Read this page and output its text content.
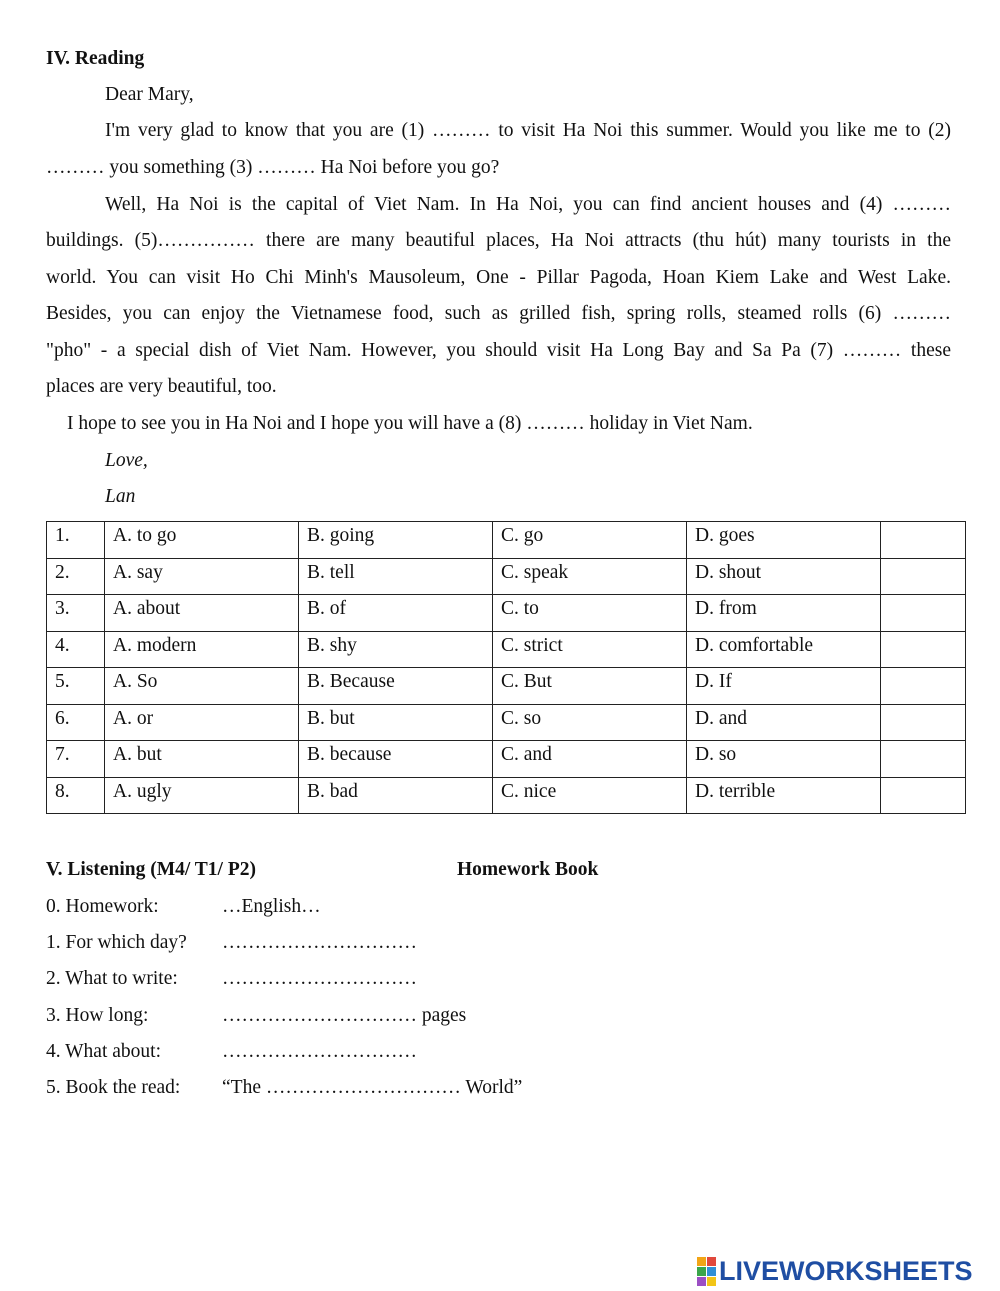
IV. Reading
Dear Mary,
I'm very glad to know that you are (1) ……… to visit Ha Noi this summer. Would you like me to (2)
……… you something (3) ……… Ha Noi before you go?
Well, Ha Noi is the capital of Viet Nam. In Ha Noi, you can find ancient houses and (4) ………
buildings. (5)…………… there are many beautiful places, Ha Noi attracts (thu hút) many tourists in the
world. You can visit Ho Chi Minh's Mausoleum, One - Pillar Pagoda, Hoan Kiem Lake and West Lake.
Besides, you can enjoy the Vietnamese food, such as grilled fish, spring rolls, steamed rolls (6) ………
"pho" - a special dish of Viet Nam. However, you should visit Ha Long Bay and Sa Pa (7) ……… these
places are very beautiful, too.
I hope to see you in Ha Noi and I hope you will have a (8) ……… holiday in Viet Nam.
Love,
Lan
1.	A. to go	B. going	C. go	D. goes	
2.	A. say	B. tell	C. speak	D. shout	
3.	A. about	B. of	C. to	D. from	
4.	A. modern	B. shy	C. strict	D. comfortable	
5.	A. So	B. Because	C. But	D. If	
6.	A. or	B. but	C. so	D. and	
7.	A. but	B. because	C. and	D. so	
8.	A. ugly	B. bad	C. nice	D. terrible	
V. Listening (M4/ T1/ P2)	Homework Book
0. Homework:	…English…
1. For which day? …………………………
2. What to write: …………………………
3. How long:	………………………… pages
4. What about:	…………………………
5. Book the read: “The ………………………… World”
LIVEWORKSHEETS
